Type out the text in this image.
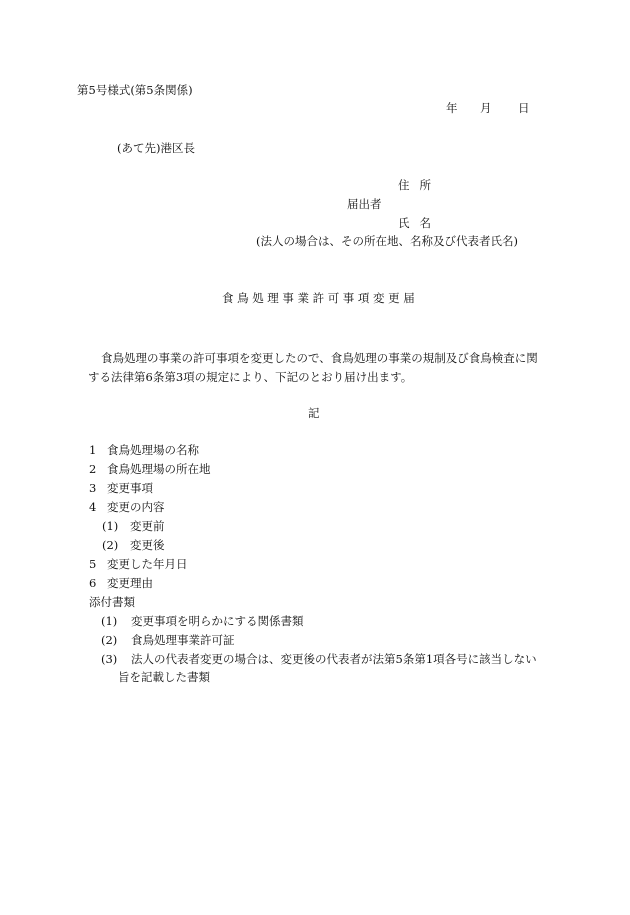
第5号様式(第5条関係)
年 月 日
(あて先)港区長
住所
届出者
氏名
(法人の場合は、その所在地、名称及び代表者氏名)
食鳥処理事業許可事項変更届
食鳥処理の事業の許可事項を変更したので、食鳥処理の事業の規制及び食鳥検査に関する法律第6条第3項の規定により、下記のとおり届け出ます。
記
1 食鳥処理場の名称
2 食鳥処理場の所在地
3 変更事項
4 変更の内容
(1) 変更前
(2) 変更後
5 変更した年月日
6 変更理由
添付書類
(1) 変更事項を明らかにする関係書類
(2) 食鳥処理事業許可証
(3) 法人の代表者変更の場合は、変更後の代表者が法第5条第1項各号に該当しない
旨を記載した書類
